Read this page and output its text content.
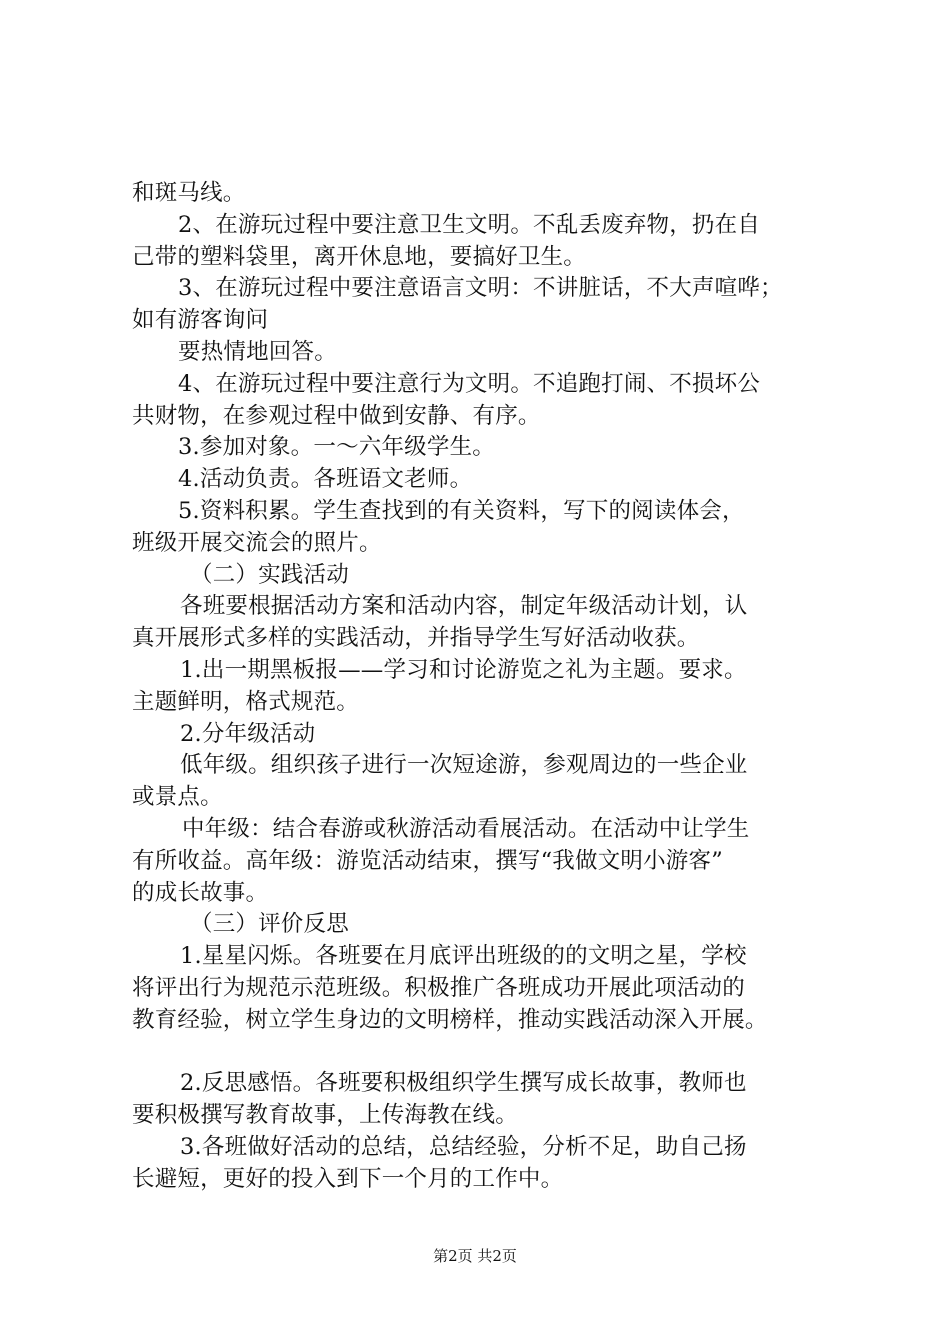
和斑马线。
2、在游玩过程中要注意卫生文明。不乱丢废弃物，扔在自
己带的塑料袋里，离开休息地，要搞好卫生。
3、在游玩过程中要注意语言文明：不讲脏话，不大声喧哗；
如有游客询问
要热情地回答。
4、在游玩过程中要注意行为文明。不追跑打闹、不损坏公
共财物，在参观过程中做到安静、有序。
3.参加对象。一～六年级学生。
4.活动负责。各班语文老师。
5.资料积累。学生查找到的有关资料，写下的阅读体会，
班级开展交流会的照片。
（二）实践活动
各班要根据活动方案和活动内容，制定年级活动计划，认
真开展形式多样的实践活动，并指导学生写好活动收获。
1.出一期黑板报——学习和讨论游览之礼为主题。要求。
主题鲜明，格式规范。
2.分年级活动
低年级。组织孩子进行一次短途游，参观周边的一些企业
或景点。
中年级：结合春游或秋游活动看展活动。在活动中让学生
有所收益。高年级：游览活动结束，撰写“我做文明小游客”
的成长故事。
（三）评价反思
1.星星闪烁。各班要在月底评出班级的的文明之星，学校
将评出行为规范示范班级。积极推广各班成功开展此项活动的
教育经验，树立学生身边的文明榜样，推动实践活动深入开展。
2.反思感悟。各班要积极组织学生撰写成长故事，教师也
要积极撰写教育故事，上传海教在线。
3.各班做好活动的总结，总结经验，分析不足，助自己扬
长避短，更好的投入到下一个月的工作中。
第2页 共2页
